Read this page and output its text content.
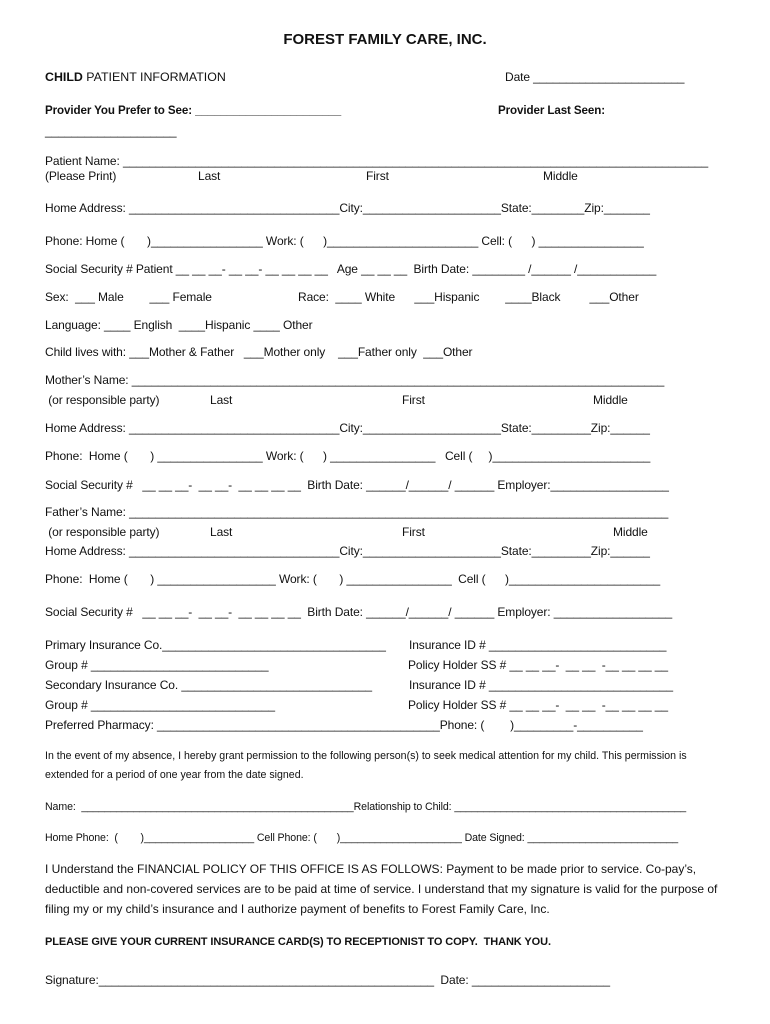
FOREST FAMILY CARE, INC.
CHILD PATIENT INFORMATION	Date _______________________
Provider You Prefer to See: _______________________	Provider Last Seen:
____________________
Patient Name: _________________________________________________________________________________________
(Please Print)	Last	First	Middle
Home Address: ________________________________City:_____________________State:________Zip:_______
Phone: Home (       )_________________ Work: (      )_______________________ Cell: (      ) ________________
Social Security # Patient __ __ __- __ __- __ __ __ __   Age __ __ __  Birth Date: ________ /______ /____________
Sex:  ___ Male        ___ Female	Race:  ____ White      ___Hispanic        ____Black         ___Other
Language: ____ English  ____Hispanic ____ Other
Child lives with: ___Mother & Father   ___Mother only    ___Father only  ___Other
Mother’s Name: _________________________________________________________________________________
(or responsible party)	Last	First	Middle
Home Address: ________________________________City:_____________________State:_________Zip:______
Phone:  Home (       ) ________________ Work: (      ) ________________   Cell (     )________________________
Social Security #   __ __ __-  __ __-  __ __ __ __  Birth Date: ______/______/ ______ Employer:__________________
Father’s Name: __________________________________________________________________________________
(or responsible party)	Last	First	Middle
Home Address: ________________________________City:_____________________State:_________Zip:______
Phone:  Home (       ) __________________ Work: (       ) ________________  Cell (      )_______________________
Social Security #   __ __ __-  __ __-  __ __ __ __  Birth Date: ______/______/ ______ Employer: __________________
Primary Insurance Co.__________________________________ Insurance ID # ___________________________
Group # ___________________________	Policy Holder SS # __ __ __-  __ __  -__ __ __ __
Secondary Insurance Co. _____________________________	Insurance ID # ____________________________
Group # ____________________________	Policy Holder SS # __ __ __-  __ __  -__ __ __ __
Preferred Pharmacy: ___________________________________________Phone: (        )_________-__________
In the event of my absence, I hereby grant permission to the following person(s) to seek medical attention for my child. This permission is extended for a period of one year from the date signed.
Name:  _______________________________________________Relationship to Child: ________________________________________
Home Phone:  (        )___________________ Cell Phone: (       )_____________________ Date Signed: __________________________
I Understand the FINANCIAL POLICY OF THIS OFFICE IS AS FOLLOWS: Payment to be made prior to service. Co-pay’s, deductible and non-covered services are to be paid at time of service. I understand that my signature is valid for the purpose of filing my or my child’s insurance and I authorize payment of benefits to Forest Family Care, Inc.
PLEASE GIVE YOUR CURRENT INSURANCE CARD(S) TO RECEPTIONIST TO COPY.  THANK YOU.
Signature:___________________________________________________  Date: _____________________
